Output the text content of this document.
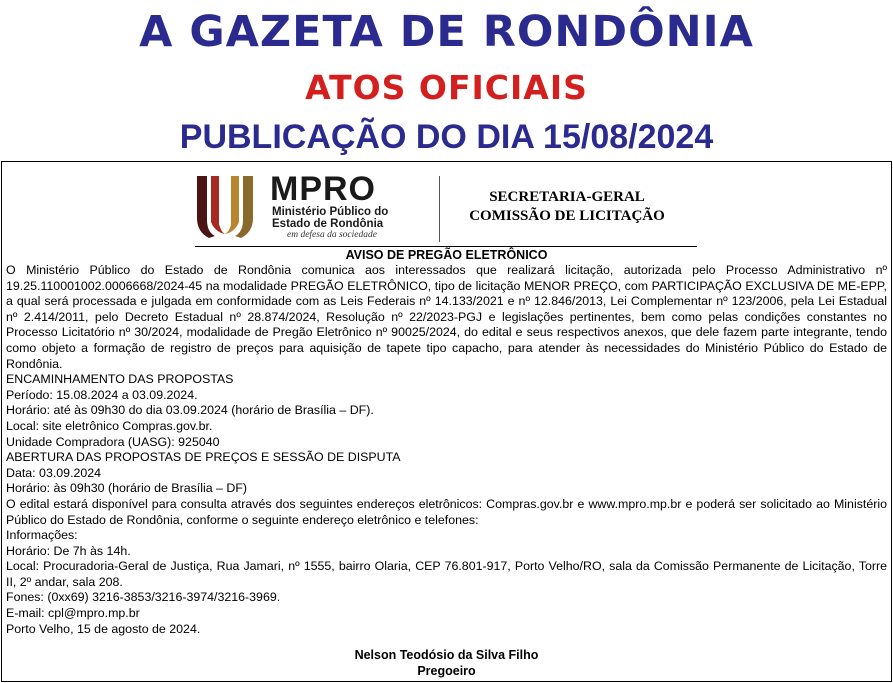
A GAZETA DE RONDÔNIA
ATOS OFICIAIS
PUBLICAÇÃO DO DIA 15/08/2024
MPRO
Ministério Público do
Estado de Rondônia
em defesa da sociedade
SECRETARIA-GERAL
COMISSÃO DE LICITAÇÃO
AVISO DE PREGÃO ELETRÔNICO

O Ministério Público do Estado de Rondônia comunica aos interessados que realizará licitação, autorizada pelo Processo Administrativo nº 19.25.110001002.0006668/2024-45 na modalidade PREGÃO ELETRÔNICO, tipo de licitação MENOR PREÇO, com PARTICIPAÇÃO EXCLUSIVA DE ME-EPP, a qual será processada e julgada em conformidade com as Leis Federais nº 14.133/2021 e nº 12.846/2013, Lei Complementar nº 123/2006, pela Lei Estadual nº 2.414/2011, pelo Decreto Estadual nº 28.874/2024, Resolução nº 22/2023-PGJ e legislações pertinentes, bem como pelas condições constantes no Processo Licitatório nº 30/2024, modalidade de Pregão Eletrônico nº 90025/2024, do edital e seus respectivos anexos, que dele fazem parte integrante, tendo como objeto a formação de registro de preços para aquisição de tapete tipo capacho, para atender às necessidades do Ministério Público do Estado de Rondônia.

ENCAMINHAMENTO DAS PROPOSTAS

Período: 15.08.2024 a 03.09.2024.

Horário: até às 09h30 do dia 03.09.2024 (horário de Brasília – DF).

Local: site eletrônico Compras.gov.br.

Unidade Compradora (UASG): 925040

ABERTURA DAS PROPOSTAS DE PREÇOS E SESSÃO DE DISPUTA

Data: 03.09.2024

Horário: às 09h30 (horário de Brasília – DF)

O edital estará disponível para consulta através dos seguintes endereços eletrônicos: Compras.gov.br e www.mpro.mp.br e poderá ser solicitado ao Ministério Público do Estado de Rondônia, conforme o seguinte endereço eletrônico e telefones:

Informações:

Horário: De 7h às 14h.

Local: Procuradoria-Geral de Justiça, Rua Jamari, nº 1555, bairro Olaria, CEP 76.801-917, Porto Velho/RO, sala da Comissão Permanente de Licitação, Torre II, 2º andar, sala 208.

Fones: (0xx69) 3216-3853/3216-3974/3216-3969.

E-mail: cpl@mpro.mp.br

Porto Velho, 15 de agosto de 2024.

Nelson Teodósio da Silva Filho
Pregoeiro
